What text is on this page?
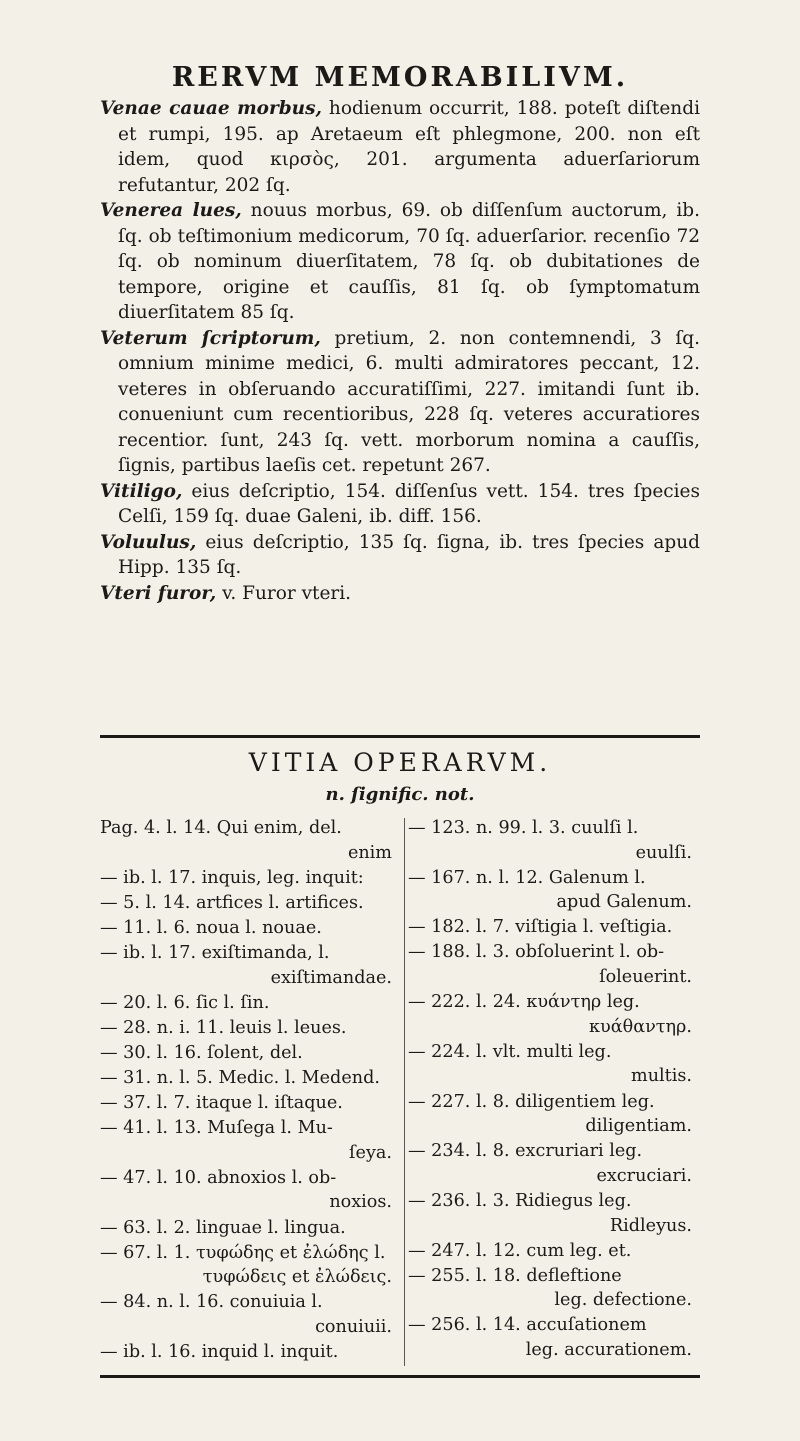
RERVM MEMORABILIVM.

Venae cauae morbus, hodienum occurrit, 188. poteſt diſtendi et rumpi, 195. ap Aretaeum eſt phlegmone, 200. non eſt idem, quod κιρσὸς, 201. argumenta aduerſariorum refutantur, 202 ſq.

Venerea lues, nouus morbus, 69. ob diſſenſum auctorum, ib. ſq. ob teſtimonium medicorum, 70 ſq. aduerſarior. recenſio 72 ſq. ob nominum diuerſitatem, 78 ſq. ob dubitationes de tempore, origine et cauſſis, 81 ſq. ob ſymptomatum diuerſitatem 85 ſq.

Veterum ſcriptorum, pretium, 2. non contemnendi, 3 ſq. omnium minime medici, 6. multi admiratores peccant, 12. veteres in obſeruando accuratiſſimi, 227. imitandi ſunt ib. conueniunt cum recentioribus, 228 ſq. veteres accuratiores recentior. ſunt, 243 ſq. vett. morborum nomina a cauſſis, ſignis, partibus laeſis cet. repetunt 267.

Vitiligo, eius deſcriptio, 154. diſſenſus vett. 154. tres ſpecies Celſi, 159 ſq. duae Galeni, ib. diff. 156.

Voluulus, eius deſcriptio, 135 ſq. ſigna, ib. tres ſpecies apud Hipp. 135 ſq.

Vteri furor, v. Furor vteri.

VITIA OPERARVM.
n. ſignific. not.

Pag. 4. l. 14. Qui enim, del.
enim

— ib. l. 17. inquis, leg. inquit:

— 5. l. 14. artfices l. artifices.

— 11. l. 6. noua l. nouae.

— ib. l. 17. exiſtimanda, l.
exiſtimandae.

— 20. l. 6. ſic l. ſin.

— 28. n. i. 11. leuis l. leues.

— 30. l. 16. ſolent, del.

— 31. n. l. 5. Medic. l. Medend.

— 37. l. 7. itaque l. iſtaque.

— 41. l. 13. Muſega l. Mu-
ſeya.

— 47. l. 10. abnoxios l. ob-
noxios.

— 63. l. 2. linguae l. lingua.

— 67. l. 1. τυφώδης et ἐλώδης l.
τυφώδεις et ἐλώδεις.

— 84. n. l. 16. conuiuia l.
conuiuii.

— ib. l. 16. inquid l. inquit.

— 123. n. 99. l. 3. cuulſi l.
euulſi.

— 167. n. l. 12. Galenum l.
apud Galenum.

— 182. l. 7. viſtigia l. veſtigia.

— 188. l. 3. obſoluerint l. ob-
ſoleuerint.

— 222. l. 24. κυάντηρ leg.
κυάθαντηρ.

— 224. l. vlt. multi leg.
multis.

— 227. l. 8. diligentiem leg.
diligentiam.

— 234. l. 8. excruriari leg.
excruciari.

— 236. l. 3. Ridiegus leg.
Ridleyus.

— 247. l. 12. cum leg. et.

— 255. l. 18. defleftione
leg. defectione.

— 256. l. 14. accuſationem
leg. accurationem.
